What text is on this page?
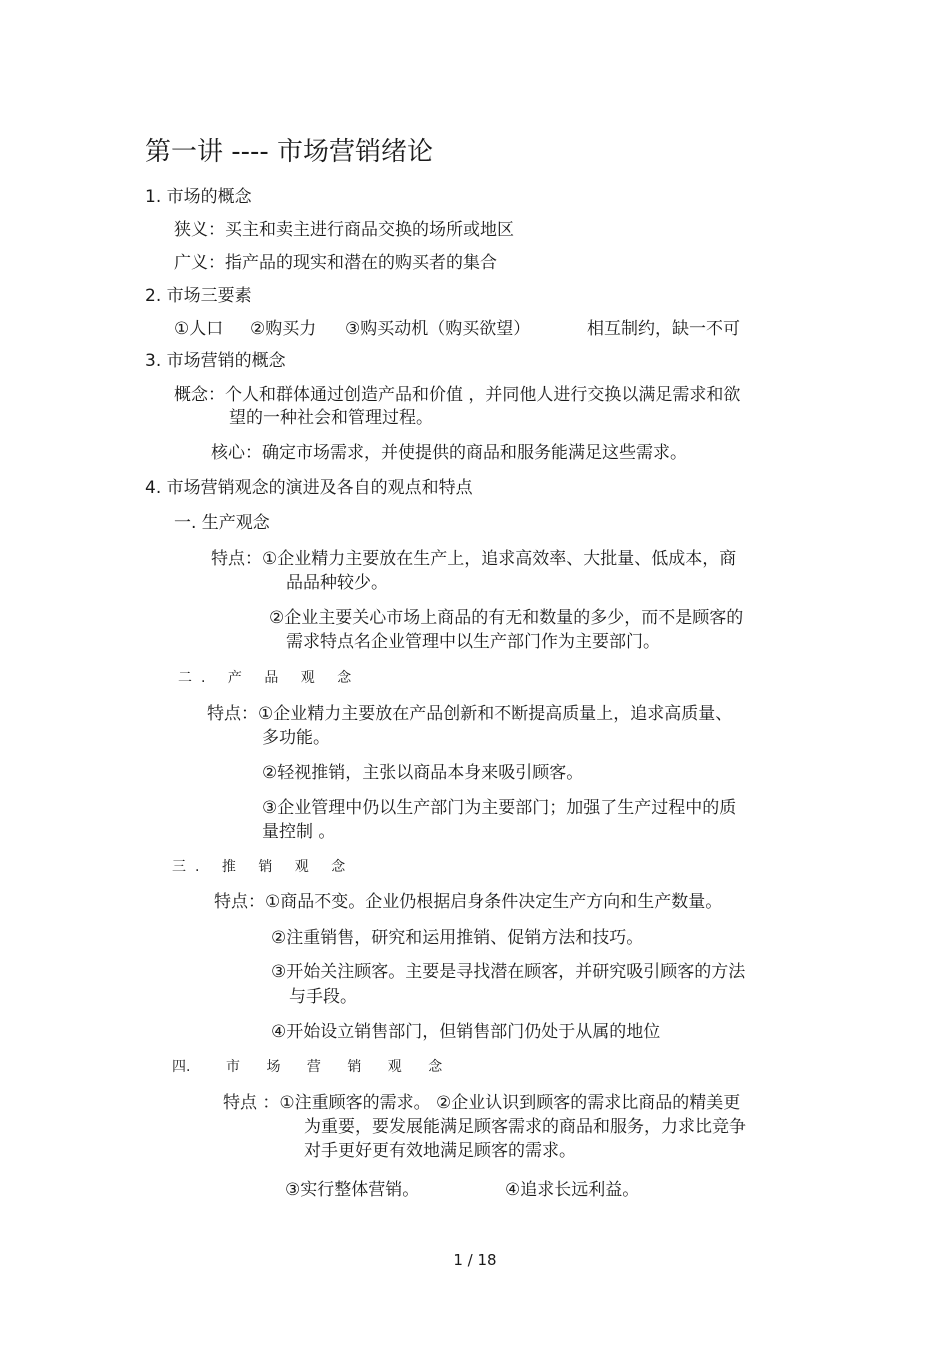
第一讲 ---- 市场营销绪论
1. 市场的概念
狭义：买主和卖主进行商品交换的场所或地区
广义：指产品的现实和潜在的购买者的集合
2. 市场三要素
①人口 ②购买力 ③购买动机（购买欲望）	相互制约，缺一不可
3. 市场营销的概念
概念：个人和群体通过创造产品和价值 ，并同他人进行交换以满足需求和欲
望的一种社会和管理过程。
核心：确定市场需求，并使提供的商品和服务能满足这些需求。
4. 市场营销观念的演进及各自的观点和特点
一. 生产观念
特点：①企业精力主要放在生产上，追求高效率、大批量、低成本，商
品品种较少。
②企业主要关心市场上商品的有无和数量的多少，而不是顾客的
需求特点名企业管理中以生产部门作为主要部门。
二. 产 品 观 念
特点：①企业精力主要放在产品创新和不断提高质量上，追求高质量、
多功能。
②轻视推销，主张以商品本身来吸引顾客。
③企业管理中仍以生产部门为主要部门；加强了生产过程中的质
量控制 。
三. 推 销 观 念
特点：①商品不变。企业仍根据启身条件决定生产方向和生产数量。
②注重销售，研究和运用推销、促销方法和技巧。
③开始关注顾客。主要是寻找潜在顾客，并研究吸引顾客的方法
与手段。
④开始设立销售部门，但销售部门仍处于从属的地位
四.	市 场 营 销 观 念
特点 ：①注重顾客的需求。 ②企业认识到顾客的需求比商品的精美更
为重要，要发展能满足顾客需求的商品和服务，力求比竞争
对手更好更有效地满足顾客的需求。
③实行整体营销。	④追求长远利益。
1 / 18
